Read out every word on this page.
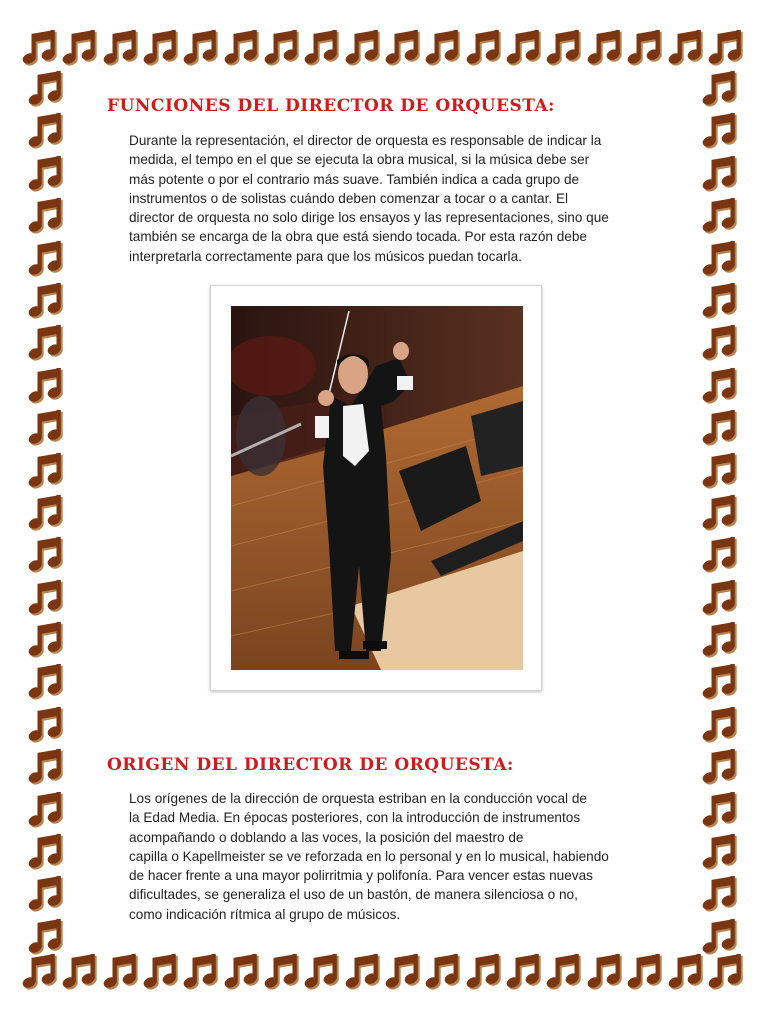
FUNCIONES DEL DIRECTOR DE ORQUESTA:
Durante la representación, el director de orquesta es responsable de indicar la
medida, el tempo en el que se ejecuta la obra musical, si la música debe ser
más potente o por el contrario más suave. También indica a cada grupo de
instrumentos o de solistas cuándo deben comenzar a tocar o a cantar. El
director de orquesta no solo dirige los ensayos y las representaciones, sino que
también se encarga de la obra que está siendo tocada. Por esta razón debe
interpretarla correctamente para que los músicos puedan tocarla.
ORIGEN DEL DIRECTOR DE ORQUESTA:
Los orígenes de la dirección de orquesta estriban en la conducción vocal de
la Edad Media. En épocas posteriores, con la introducción de instrumentos
acompañando o doblando a las voces, la posición del maestro de
capilla o Kapellmeister se ve reforzada en lo personal y en lo musical, habiendo
de hacer frente a una mayor polirritmia y polifonía. Para vencer estas nuevas
dificultades, se generaliza el uso de un bastón, de manera silenciosa o no,
como indicación rítmica al grupo de músicos.
